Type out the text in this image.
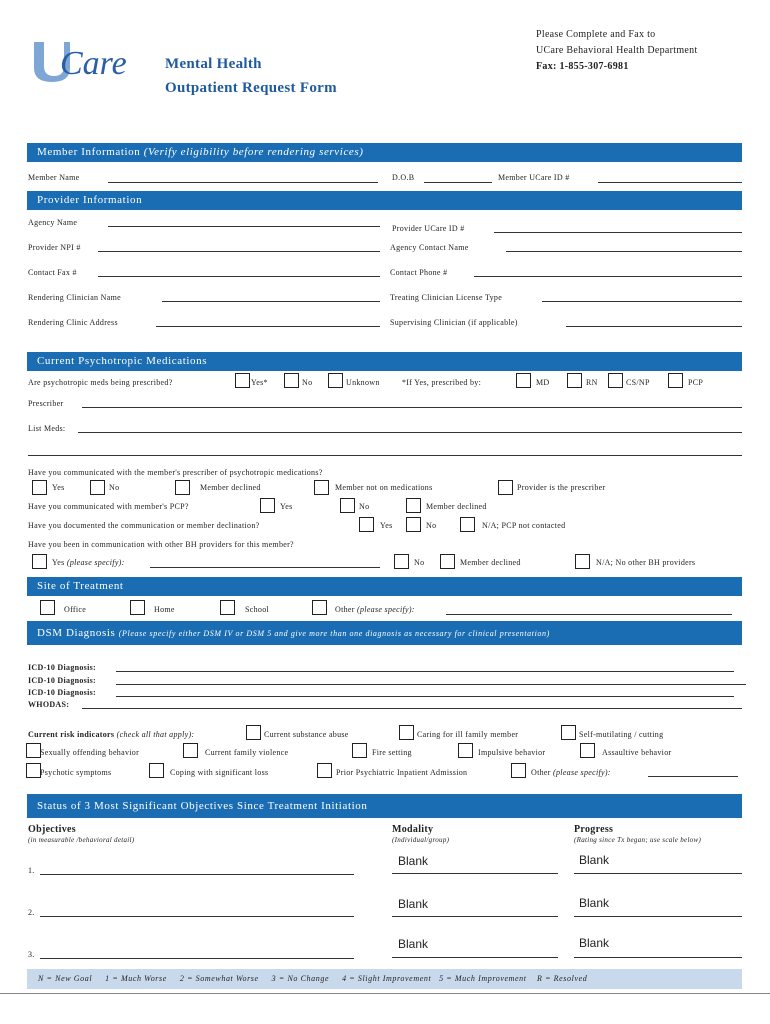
Care	Mental Health
Outpatient Request Form
Please Complete and Fax to
UCare Behavioral Health Department
Fax: 1-855-307-6981
Member Information (Verify eligibility before rendering services)
Member Name	D.O.B	Member UCare ID #
Provider Information
Agency Name
Provider UCare ID #
Provider NPI #	Agency Contact Name
Contact Fax #	Contact Phone #
Rendering Clinician Name	Treating Clinician License Type
Rendering Clinic Address	Supervising Clinician (if applicable)
Current Psychotropic Medications
Are psychotropic meds being prescribed?	Yes*	No	Unknown	*If Yes, prescribed by:	MD	RN	CS/NP	PCP
Prescriber
List Meds:
Have you communicated with the member's prescriber of psychotropic medications?
Yes	No	Member declined	Member not on medications	Provider is the prescriber
Have you communicated with member's PCP?	Yes	No	Member declined
Have you documented the communication or member declination?	Yes	No	N/A; PCP not contacted
Have you been in communication with other BH providers for this member?
Yes (please specify):	No	Member declined	N/A; No other BH providers
Site of Treatment
Office	Home	School	Other (please specify):
DSM Diagnosis (Please specify either DSM IV or DSM 5 and give more than one diagnosis as necessary for clinical presentation)
ICD-10 Diagnosis:
ICD-10 Diagnosis:
ICD-10 Diagnosis:
WHODAS:
Current risk indicators (check all that apply):	Current substance abuse	Caring for ill family member	Self-mutilating / cutting
Sexually offending behavior	Current family violence	Fire setting	Impulsive behavior	Assaultive behavior
Psychotic symptoms	Coping with significant loss	Prior Psychiatric Inpatient Admission	Other (please specify):
Status of 3 Most Significant Objectives Since Treatment Initiation
Objectives
(in measurable /behavioral detail)
Modality
(Individual/group)
Progress
(Rating since Tx began; use scale below)
1.
Blank	Blank
2.
Blank	Blank
3.
Blank	Blank
N = New Goal     1 = Much Worse     2 = Somewhat Worse     3 = No Change     4 = Slight Improvement   5 = Much Improvement    R = Resolved
